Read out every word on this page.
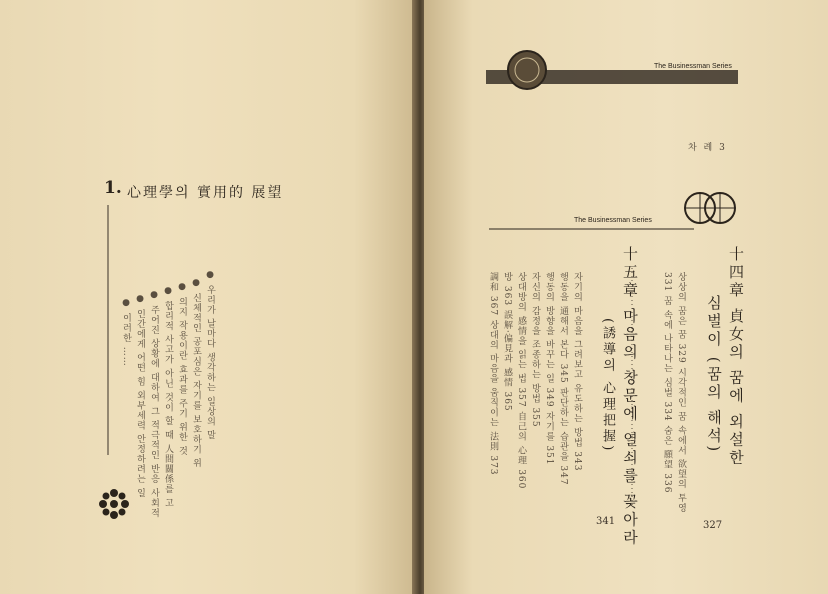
1. 心理學의 實用的 展望
● 우리가 날마다 생각하는 일상의 말
● 신체적인 공포심은 자기를 보호하기 위
● 의지 작용이란 효과를 주기 위한 것
● 합리적 사고가 아닌 것이 할 때 人間關係를 고
● 주어진 상황에 대하여 그 적극적인 반응 사회적
● 인간에게 어떤 힘 외부세력 안정하려는 일
● 이러한 ……
The Businessman Series
차 례 3
The Businessman Series
十四章 貞女의 꿈에 외설한
심벌이 (꿈의 해석)
327
상상의 꿈은 꿈 329 시각적인 꿈 속에서 欲望의 투영
331 꿈 속에 나타나는 심벌 334 숨은 願望 336
十五章 마음의 창문에 열쇠를 꽂아라
(誘導의 心理把握)
341
자기의 마음을 그려보고 유도하는 방법 343
행동을 通해서 본다 345 판단하는 습관을 347
행동의 방향을 바꾸는 일 349 자기를 351
자신의 감정을 조종하는 방법 355
상대방의 感情을 읽는 법 357 自己의 心理 360
방 363 誤解·偏見과 感情 365
調和 367 상대의 마음을 움직이는 法則 373
